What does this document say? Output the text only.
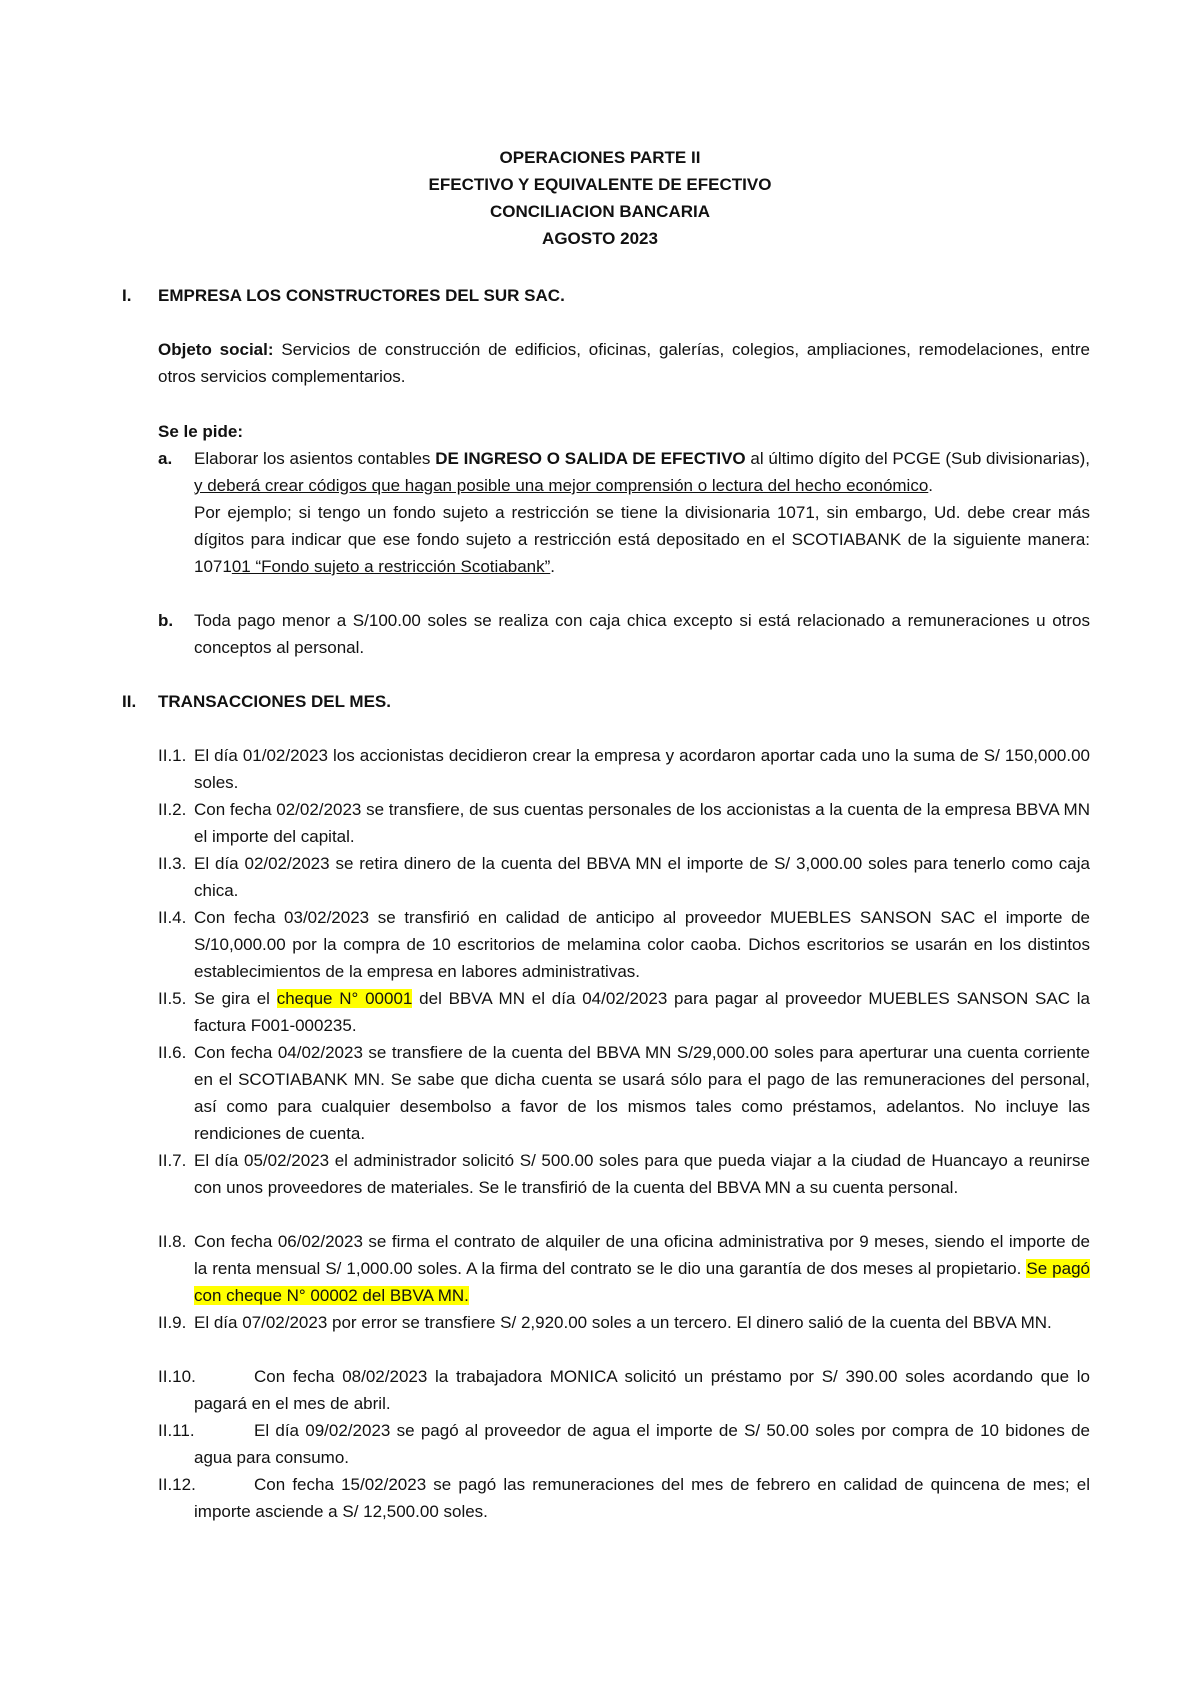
OPERACIONES PARTE II
EFECTIVO Y EQUIVALENTE DE EFECTIVO
CONCILIACION BANCARIA
AGOSTO 2023
I. EMPRESA LOS CONSTRUCTORES DEL SUR SAC.
Objeto social: Servicios de construcción de edificios, oficinas, galerías, colegios, ampliaciones, remodelaciones, entre otros servicios complementarios.
Se le pide:
a. Elaborar los asientos contables DE INGRESO O SALIDA DE EFECTIVO al último dígito del PCGE (Sub divisionarias), y deberá crear códigos que hagan posible una mejor comprensión o lectura del hecho económico.
Por ejemplo; si tengo un fondo sujeto a restricción se tiene la divisionaria 1071, sin embargo, Ud. debe crear más dígitos para indicar que ese fondo sujeto a restricción está depositado en el SCOTIABANK de la siguiente manera: 107101 “Fondo sujeto a restricción Scotiabank”.
b. Toda pago menor a S/100.00 soles se realiza con caja chica excepto si está relacionado a remuneraciones u otros conceptos al personal.
II. TRANSACCIONES DEL MES.
II.1. El día 01/02/2023 los accionistas decidieron crear la empresa y acordaron aportar cada uno la suma de S/ 150,000.00 soles.
II.2. Con fecha 02/02/2023 se transfiere, de sus cuentas personales de los accionistas a la cuenta de la empresa BBVA MN el importe del capital.
II.3. El día 02/02/2023 se retira dinero de la cuenta del BBVA MN el importe de S/ 3,000.00 soles para tenerlo como caja chica.
II.4. Con fecha 03/02/2023 se transfirió en calidad de anticipo al proveedor MUEBLES SANSON SAC el importe de S/10,000.00 por la compra de 10 escritorios de melamina color caoba. Dichos escritorios se usarán en los distintos establecimientos de la empresa en labores administrativas.
II.5. Se gira el cheque N° 00001 del BBVA MN el día 04/02/2023 para pagar al proveedor MUEBLES SANSON SAC la factura F001-000235.
II.6. Con fecha 04/02/2023 se transfiere de la cuenta del BBVA MN S/29,000.00 soles para aperturar una cuenta corriente en el SCOTIABANK MN. Se sabe que dicha cuenta se usará sólo para el pago de las remuneraciones del personal, así como para cualquier desembolso a favor de los mismos tales como préstamos, adelantos. No incluye las rendiciones de cuenta.
II.7. El día 05/02/2023 el administrador solicitó S/ 500.00 soles para que pueda viajar a la ciudad de Huancayo a reunirse con unos proveedores de materiales. Se le transfirió de la cuenta del BBVA MN a su cuenta personal.
II.8. Con fecha 06/02/2023 se firma el contrato de alquiler de una oficina administrativa por 9 meses, siendo el importe de la renta mensual S/ 1,000.00 soles. A la firma del contrato se le dio una garantía de dos meses al propietario. Se pagó con cheque N° 00002 del BBVA MN.
II.9. El día 07/02/2023 por error se transfiere S/ 2,920.00 soles a un tercero. El dinero salió de la cuenta del BBVA MN.
II.10.	Con fecha 08/02/2023 la trabajadora MONICA solicitó un préstamo por S/ 390.00 soles acordando que lo pagará en el mes de abril.
II.11.	El día 09/02/2023 se pagó al proveedor de agua el importe de S/ 50.00 soles por compra de 10 bidones de agua para consumo.
II.12.	Con fecha 15/02/2023 se pagó las remuneraciones del mes de febrero en calidad de quincena de mes; el importe asciende a S/ 12,500.00 soles.
